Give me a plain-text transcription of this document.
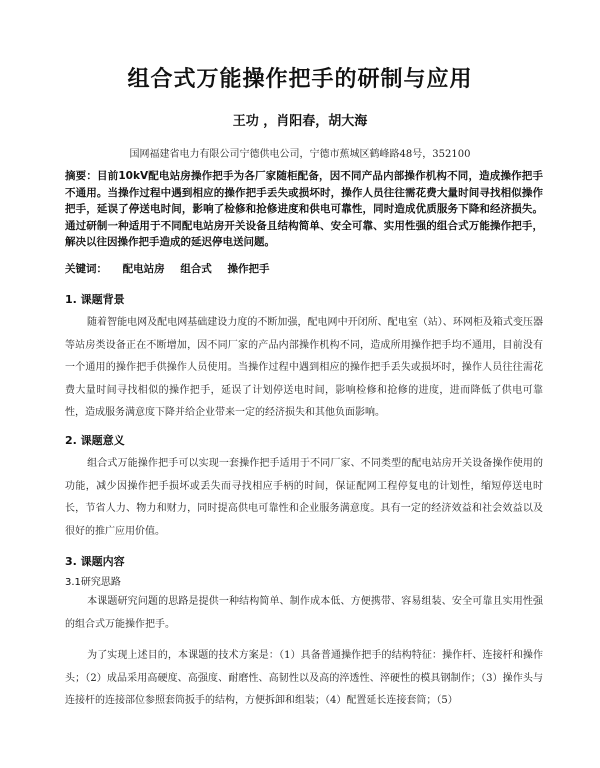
组合式万能操作把手的研制与应用
王功 ，肖阳春，胡大海
国网福建省电力有限公司宁德供电公司，宁德市蕉城区鹤峰路48号，352100
摘要：目前10kV配电站房操作把手为各厂家随柜配备，因不同产品内部操作机构不同，造成操作把手不通用。当操作过程中遇到相应的操作把手丢失或损坏时，操作人员往往需花费大量时间寻找相似操作把手，延误了停送电时间，影响了检修和抢修进度和供电可靠性，同时造成优质服务下降和经济损失。通过研制一种适用于不同配电站房开关设备且结构简单、安全可靠、实用性强的组合式万能操作把手，解决以往因操作把手造成的延迟停电送问题。
关键词： 配电站房 组合式 操作把手
1. 课题背景
随着智能电网及配电网基础建设力度的不断加强，配电网中开闭所、配电室（站）、环网柜及箱式变压器等站房类设备正在不断增加，因不同厂家的产品内部操作机构不同，造成所用操作把手均不通用，目前没有一个通用的操作把手供操作人员使用。当操作过程中遇到相应的操作把手丢失或损坏时，操作人员往往需花费大量时间寻找相似的操作把手，延误了计划停送电时间，影响检修和抢修的进度，进而降低了供电可靠性，造成服务满意度下降并给企业带来一定的经济损失和其他负面影响。
2. 课题意义
组合式万能操作把手可以实现一套操作把手适用于不同厂家、不同类型的配电站房开关设备操作使用的功能，减少因操作把手损坏或丢失而寻找相应手柄的时间，保证配网工程停复电的计划性，缩短停送电时长，节省人力、物力和财力，同时提高供电可靠性和企业服务满意度。具有一定的经济效益和社会效益以及很好的推广应用价值。
3. 课题内容
3.1研究思路
本课题研究问题的思路是提供一种结构简单、制作成本低、方便携带、容易组装、安全可靠且实用性强的组合式万能操作把手。
为了实现上述目的，本课题的技术方案是：（1）具备普通操作把手的结构特征：操作杆、连接杆和操作头；（2）成品采用高硬度、高强度、耐磨性、高韧性以及高的淬透性、淬硬性的模具钢制作；（3）操作头与连接杆的连接部位参照套筒扳手的结构，方便拆卸和组装；（4）配置延长连接套筒；（5）
